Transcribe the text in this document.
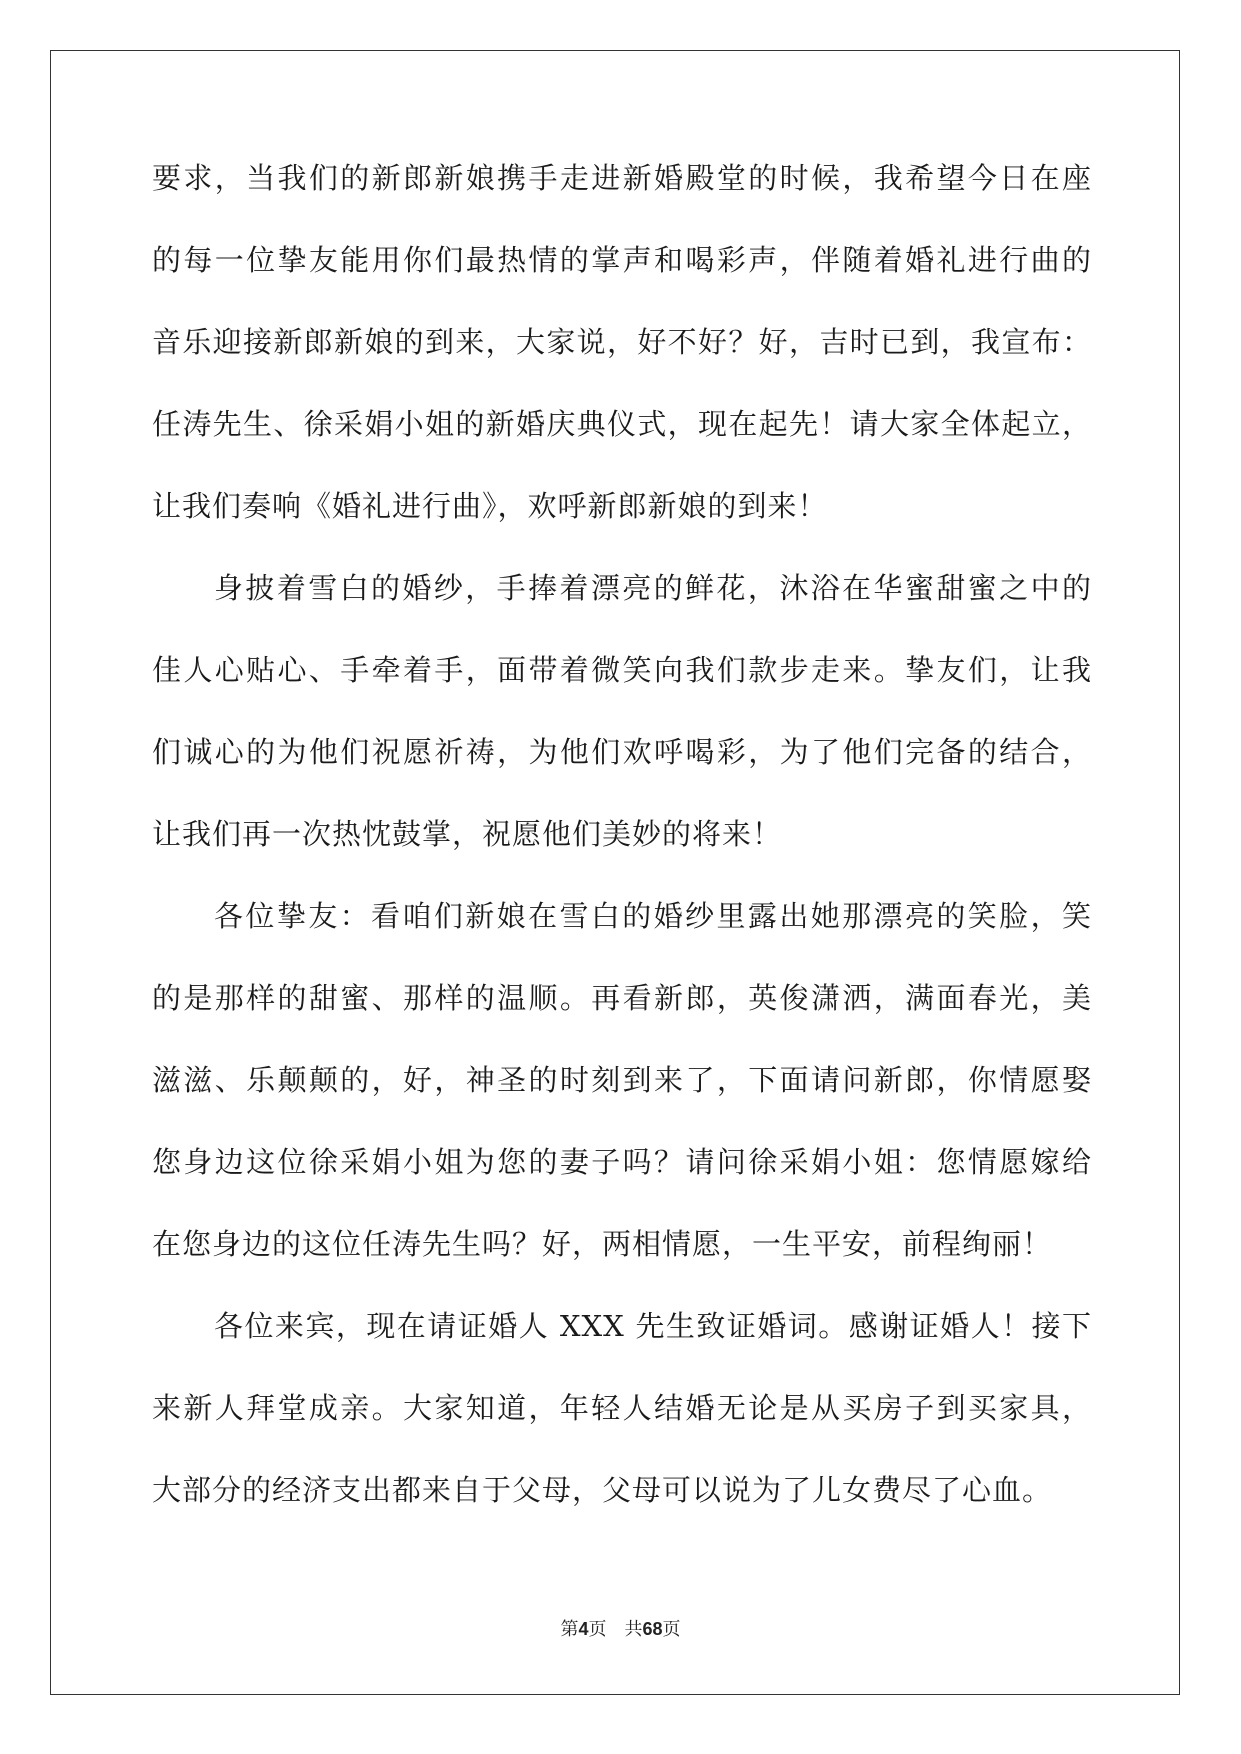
要求，当我们的新郎新娘携手走进新婚殿堂的时候，我希望今日在座
的每一位挚友能用你们最热情的掌声和喝彩声，伴随着婚礼进行曲的
音乐迎接新郎新娘的到来，大家说，好不好？好，吉时已到，我宣布：
任涛先生、徐采娟小姐的新婚庆典仪式，现在起先！请大家全体起立，
让我们奏响《婚礼进行曲》，欢呼新郎新娘的到来！
身披着雪白的婚纱，手捧着漂亮的鲜花，沐浴在华蜜甜蜜之中的
佳人心贴心、手牵着手，面带着微笑向我们款步走来。挚友们，让我
们诚心的为他们祝愿祈祷，为他们欢呼喝彩，为了他们完备的结合，
让我们再一次热忱鼓掌，祝愿他们美妙的将来！
各位挚友：看咱们新娘在雪白的婚纱里露出她那漂亮的笑脸，笑
的是那样的甜蜜、那样的温顺。再看新郎，英俊潇洒，满面春光，美
滋滋、乐颠颠的，好，神圣的时刻到来了，下面请问新郎，你情愿娶
您身边这位徐采娟小姐为您的妻子吗？请问徐采娟小姐：您情愿嫁给
在您身边的这位任涛先生吗？好，两相情愿，一生平安，前程绚丽！
各位来宾，现在请证婚人 XXX 先生致证婚词。感谢证婚人！接下
来新人拜堂成亲。大家知道，年轻人结婚无论是从买房子到买家具，
大部分的经济支出都来自于父母，父母可以说为了儿女费尽了心血。
第4页 共68页
